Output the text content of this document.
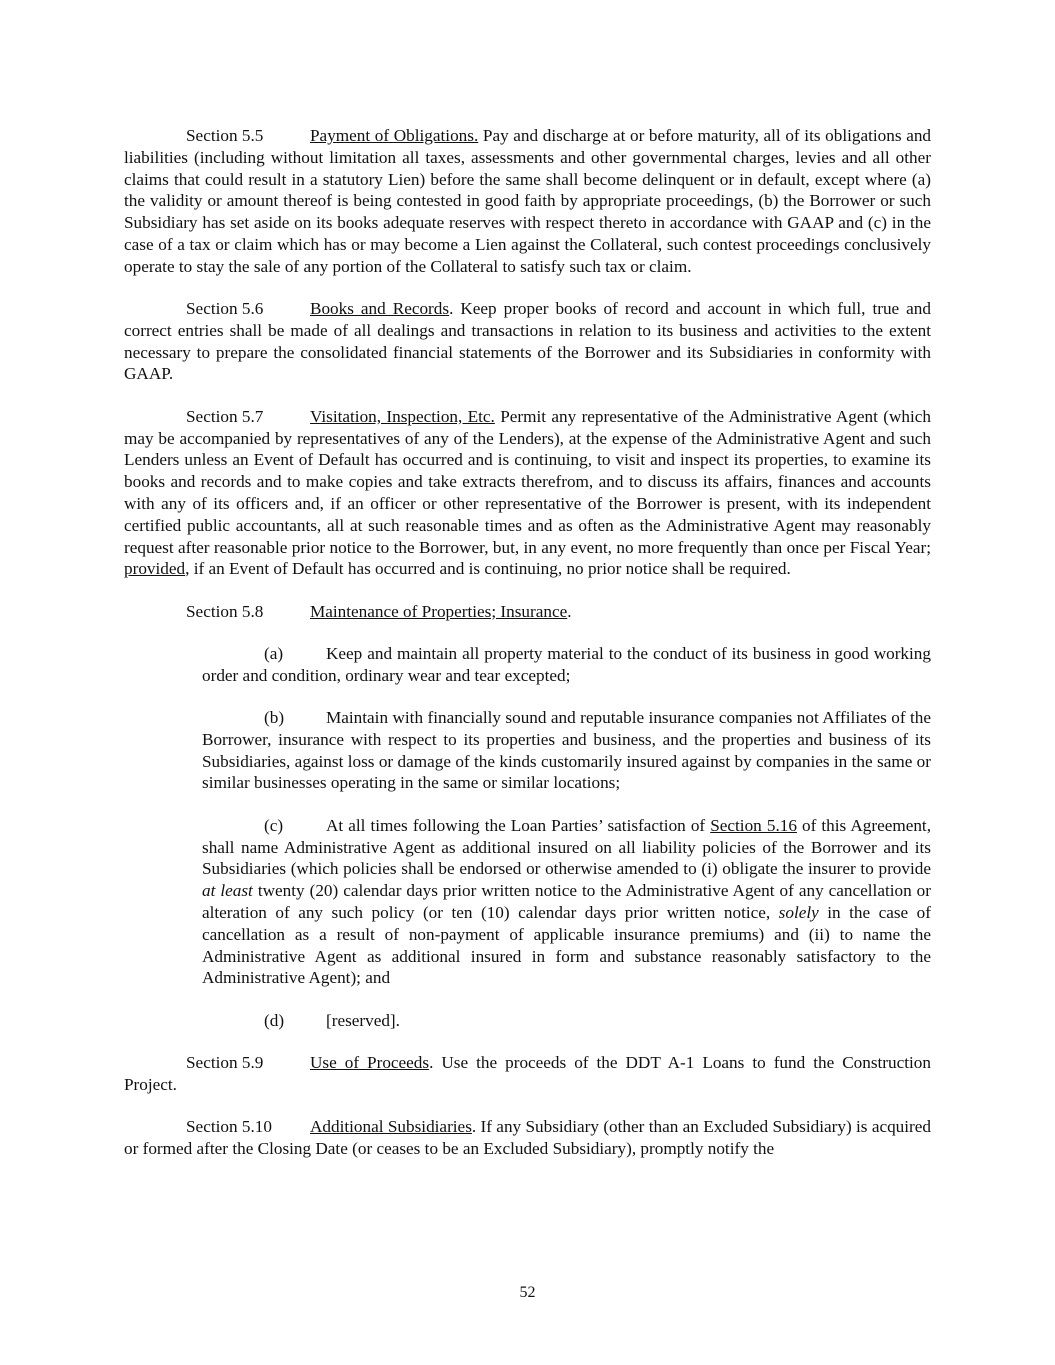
Section 5.5	Payment of Obligations. Pay and discharge at or before maturity, all of its obligations and liabilities (including without limitation all taxes, assessments and other governmental charges, levies and all other claims that could result in a statutory Lien) before the same shall become delinquent or in default, except where (a) the validity or amount thereof is being contested in good faith by appropriate proceedings, (b) the Borrower or such Subsidiary has set aside on its books adequate reserves with respect thereto in accordance with GAAP and (c) in the case of a tax or claim which has or may become a Lien against the Collateral, such contest proceedings conclusively operate to stay the sale of any portion of the Collateral to satisfy such tax or claim.

Section 5.6	Books and Records. Keep proper books of record and account in which full, true and correct entries shall be made of all dealings and transactions in relation to its business and activities to the extent necessary to prepare the consolidated financial statements of the Borrower and its Subsidiaries in conformity with GAAP.

Section 5.7	Visitation, Inspection, Etc. Permit any representative of the Administrative Agent (which may be accompanied by representatives of any of the Lenders), at the expense of the Administrative Agent and such Lenders unless an Event of Default has occurred and is continuing, to visit and inspect its properties, to examine its books and records and to make copies and take extracts therefrom, and to discuss its affairs, finances and accounts with any of its officers and, if an officer or other representative of the Borrower is present, with its independent certified public accountants, all at such reasonable times and as often as the Administrative Agent may reasonably request after reasonable prior notice to the Borrower, but, in any event, no more frequently than once per Fiscal Year; provided, if an Event of Default has occurred and is continuing, no prior notice shall be required.

Section 5.8	Maintenance of Properties; Insurance.

(a) Keep and maintain all property material to the conduct of its business in good working order and condition, ordinary wear and tear excepted;

(b) Maintain with financially sound and reputable insurance companies not Affiliates of the Borrower, insurance with respect to its properties and business, and the properties and business of its Subsidiaries, against loss or damage of the kinds customarily insured against by companies in the same or similar businesses operating in the same or similar locations;

(c) At all times following the Loan Parties’ satisfaction of Section 5.16 of this Agreement, shall name Administrative Agent as additional insured on all liability policies of the Borrower and its Subsidiaries (which policies shall be endorsed or otherwise amended to (i) obligate the insurer to provide at least twenty (20) calendar days prior written notice to the Administrative Agent of any cancellation or alteration of any such policy (or ten (10) calendar days prior written notice, solely in the case of cancellation as a result of non-payment of applicable insurance premiums) and (ii) to name the Administrative Agent as additional insured in form and substance reasonably satisfactory to the Administrative Agent); and

(d) [reserved].

Section 5.9	Use of Proceeds. Use the proceeds of the DDT A-1 Loans to fund the Construction Project.

Section 5.10 Additional Subsidiaries. If any Subsidiary (other than an Excluded Subsidiary) is acquired or formed after the Closing Date (or ceases to be an Excluded Subsidiary), promptly notify the

52
